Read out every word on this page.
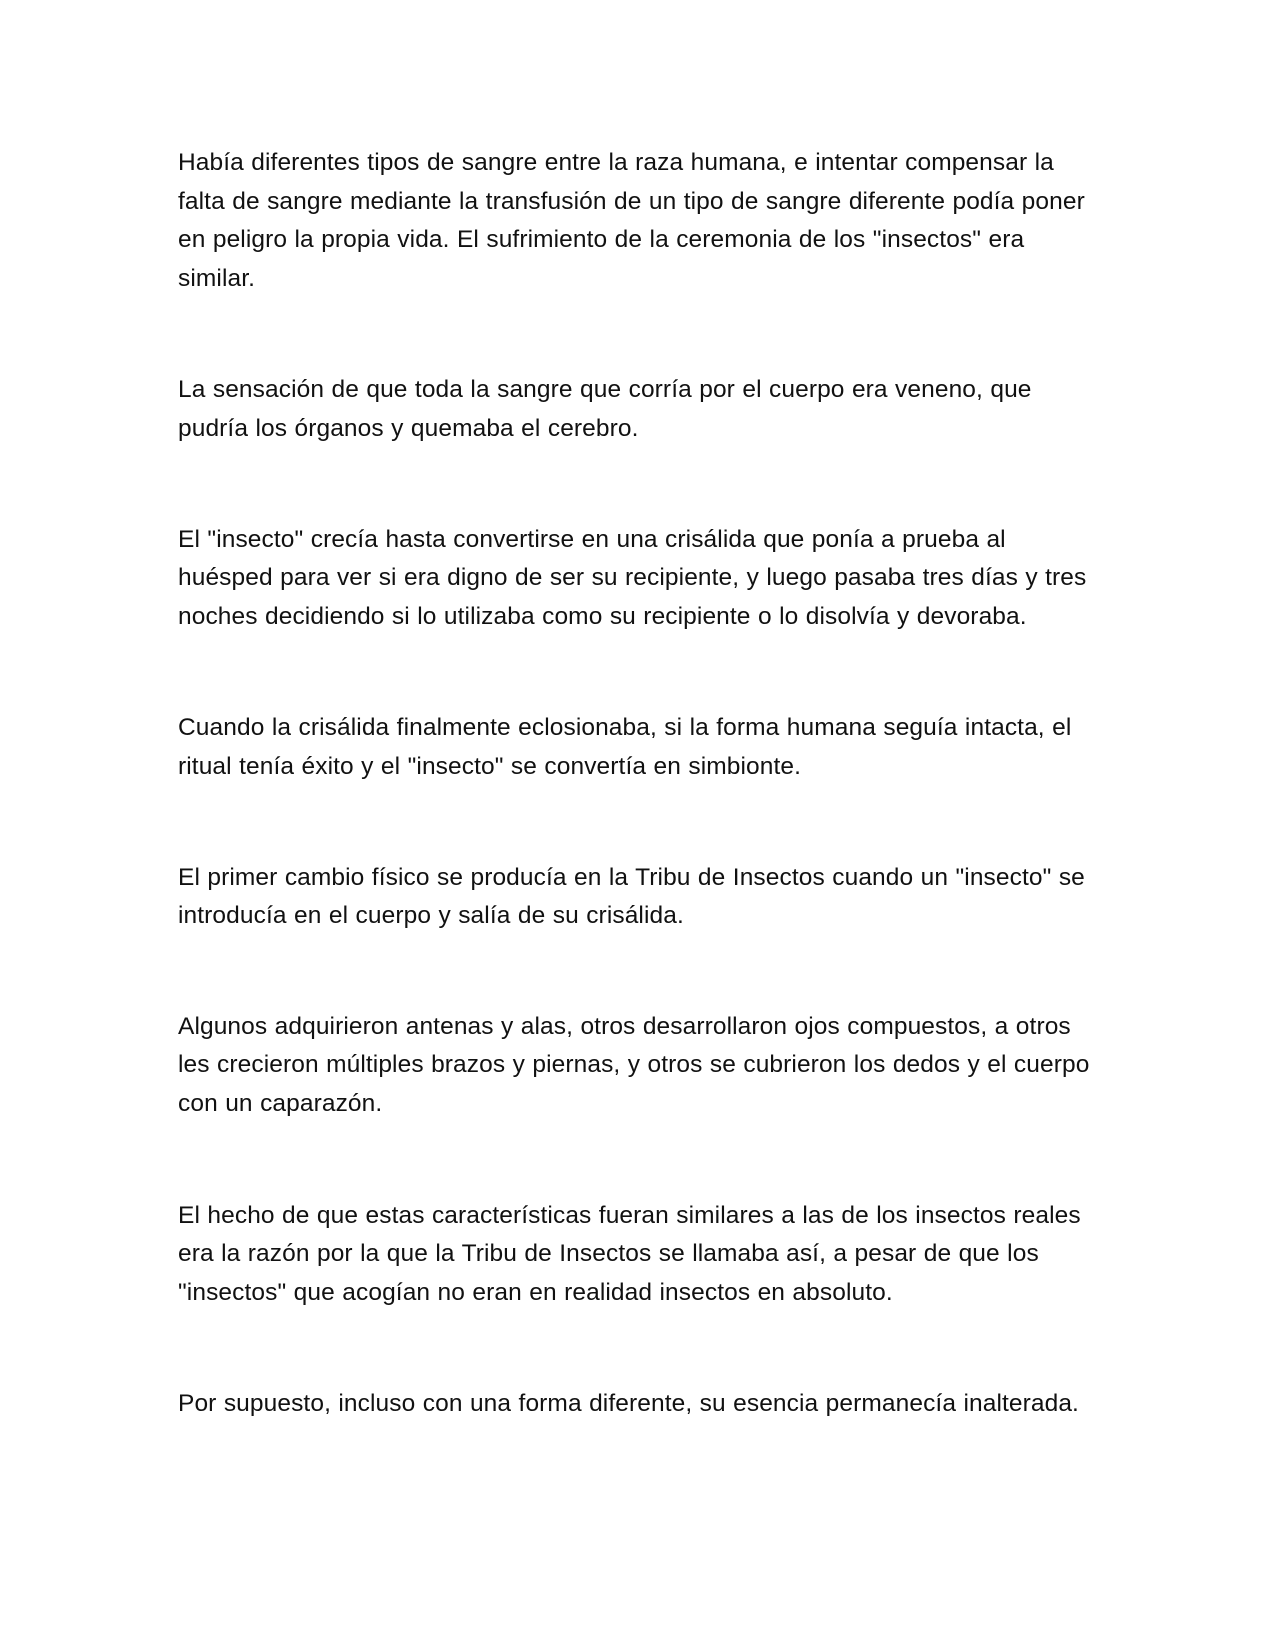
Había diferentes tipos de sangre entre la raza humana, e intentar compensar la falta de sangre mediante la transfusión de un tipo de sangre diferente podía poner en peligro la propia vida. El sufrimiento de la ceremonia de los "insectos" era similar.

La sensación de que toda la sangre que corría por el cuerpo era veneno, que pudría los órganos y quemaba el cerebro.

El "insecto" crecía hasta convertirse en una crisálida que ponía a prueba al huésped para ver si era digno de ser su recipiente, y luego pasaba tres días y tres noches decidiendo si lo utilizaba como su recipiente o lo disolvía y devoraba.

Cuando la crisálida finalmente eclosionaba, si la forma humana seguía intacta, el ritual tenía éxito y el "insecto" se convertía en simbionte.

El primer cambio físico se producía en la Tribu de Insectos cuando un "insecto" se introducía en el cuerpo y salía de su crisálida.

Algunos adquirieron antenas y alas, otros desarrollaron ojos compuestos, a otros les crecieron múltiples brazos y piernas, y otros se cubrieron los dedos y el cuerpo con un caparazón.

El hecho de que estas características fueran similares a las de los insectos reales era la razón por la que la Tribu de Insectos se llamaba así, a pesar de que los "insectos" que acogían no eran en realidad insectos en absoluto.

Por supuesto, incluso con una forma diferente, su esencia permanecía inalterada.
